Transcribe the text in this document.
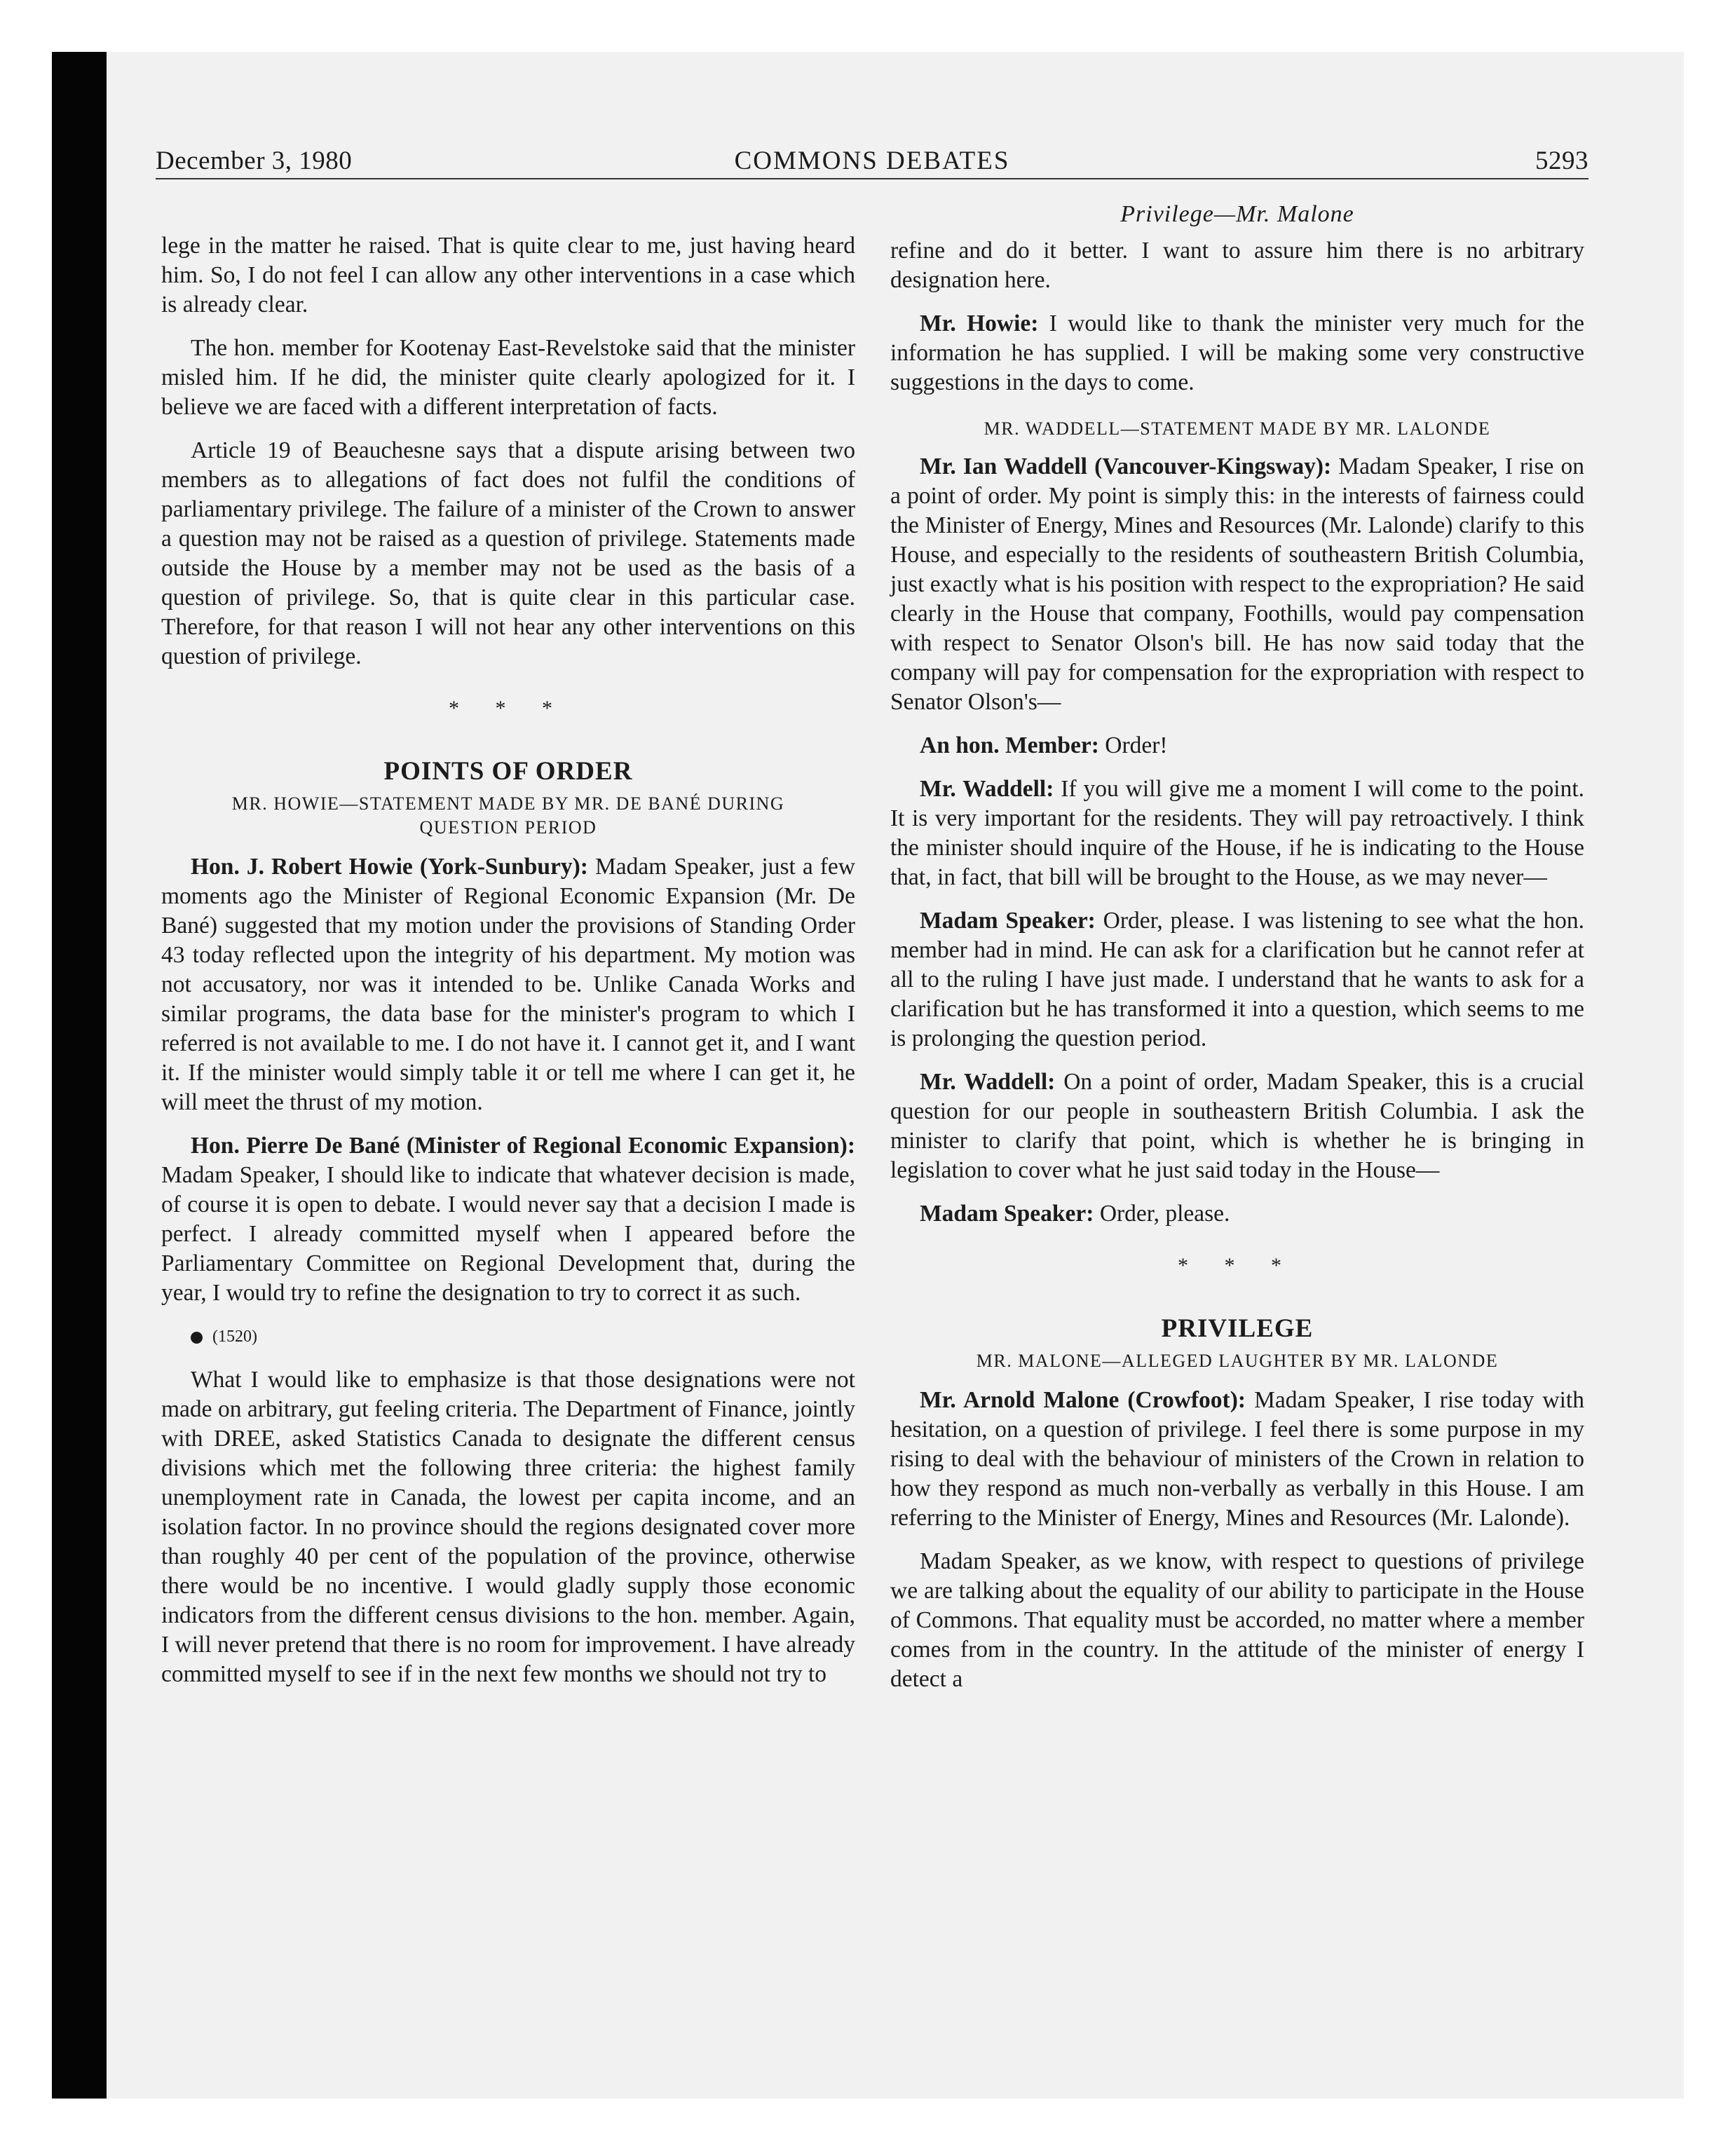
December 3, 1980	COMMONS DEBATES	5293

lege in the matter he raised. That is quite clear to me, just having heard him. So, I do not feel I can allow any other interventions in a case which is already clear.

The hon. member for Kootenay East-Revelstoke said that the minister misled him. If he did, the minister quite clearly apologized for it. I believe we are faced with a different interpretation of facts.

Article 19 of Beauchesne says that a dispute arising between two members as to allegations of fact does not fulfil the conditions of parliamentary privilege. The failure of a minister of the Crown to answer a question may not be raised as a question of privilege. Statements made outside the House by a member may not be used as the basis of a question of privilege. So, that is quite clear in this particular case. Therefore, for that reason I will not hear any other interventions on this question of privilege.

* * *
POINTS OF ORDER
MR. HOWIE—STATEMENT MADE BY MR. DE BANÉ DURING QUESTION PERIOD

Hon. J. Robert Howie (York-Sunbury): Madam Speaker, just a few moments ago the Minister of Regional Economic Expansion (Mr. De Bané) suggested that my motion under the provisions of Standing Order 43 today reflected upon the integrity of his department. My motion was not accusatory, nor was it intended to be. Unlike Canada Works and similar programs, the data base for the minister's program to which I referred is not available to me. I do not have it. I cannot get it, and I want it. If the minister would simply table it or tell me where I can get it, he will meet the thrust of my motion.

Hon. Pierre De Bané (Minister of Regional Economic Expansion): Madam Speaker, I should like to indicate that whatever decision is made, of course it is open to debate. I would never say that a decision I made is perfect. I already committed myself when I appeared before the Parliamentary Committee on Regional Development that, during the year, I would try to refine the designation to try to correct it as such.

(1520)

What I would like to emphasize is that those designations were not made on arbitrary, gut feeling criteria. The Department of Finance, jointly with DREE, asked Statistics Canada to designate the different census divisions which met the following three criteria: the highest family unemployment rate in Canada, the lowest per capita income, and an isolation factor. In no province should the regions designated cover more than roughly 40 per cent of the population of the province, otherwise there would be no incentive. I would gladly supply those economic indicators from the different census divisions to the hon. member. Again, I will never pretend that there is no room for improvement. I have already committed myself to see if in the next few months we should not try to

Privilege—Mr. Malone

refine and do it better. I want to assure him there is no arbitrary designation here.

Mr. Howie: I would like to thank the minister very much for the information he has supplied. I will be making some very constructive suggestions in the days to come.

MR. WADDELL—STATEMENT MADE BY MR. LALONDE

Mr. Ian Waddell (Vancouver-Kingsway): Madam Speaker, I rise on a point of order. My point is simply this: in the interests of fairness could the Minister of Energy, Mines and Resources (Mr. Lalonde) clarify to this House, and especially to the residents of southeastern British Columbia, just exactly what is his position with respect to the expropriation? He said clearly in the House that company, Foothills, would pay compensation with respect to Senator Olson's bill. He has now said today that the company will pay for compensation for the expropriation with respect to Senator Olson's—

An hon. Member: Order!

Mr. Waddell: If you will give me a moment I will come to the point. It is very important for the residents. They will pay retroactively. I think the minister should inquire of the House, if he is indicating to the House that, in fact, that bill will be brought to the House, as we may never—

Madam Speaker: Order, please. I was listening to see what the hon. member had in mind. He can ask for a clarification but he cannot refer at all to the ruling I have just made. I understand that he wants to ask for a clarification but he has transformed it into a question, which seems to me is prolonging the question period.

Mr. Waddell: On a point of order, Madam Speaker, this is a crucial question for our people in southeastern British Columbia. I ask the minister to clarify that point, which is whether he is bringing in legislation to cover what he just said today in the House—

Madam Speaker: Order, please.

* * *
PRIVILEGE
MR. MALONE—ALLEGED LAUGHTER BY MR. LALONDE

Mr. Arnold Malone (Crowfoot): Madam Speaker, I rise today with hesitation, on a question of privilege. I feel there is some purpose in my rising to deal with the behaviour of ministers of the Crown in relation to how they respond as much non-verbally as verbally in this House. I am referring to the Minister of Energy, Mines and Resources (Mr. Lalonde).

Madam Speaker, as we know, with respect to questions of privilege we are talking about the equality of our ability to participate in the House of Commons. That equality must be accorded, no matter where a member comes from in the country. In the attitude of the minister of energy I detect a
